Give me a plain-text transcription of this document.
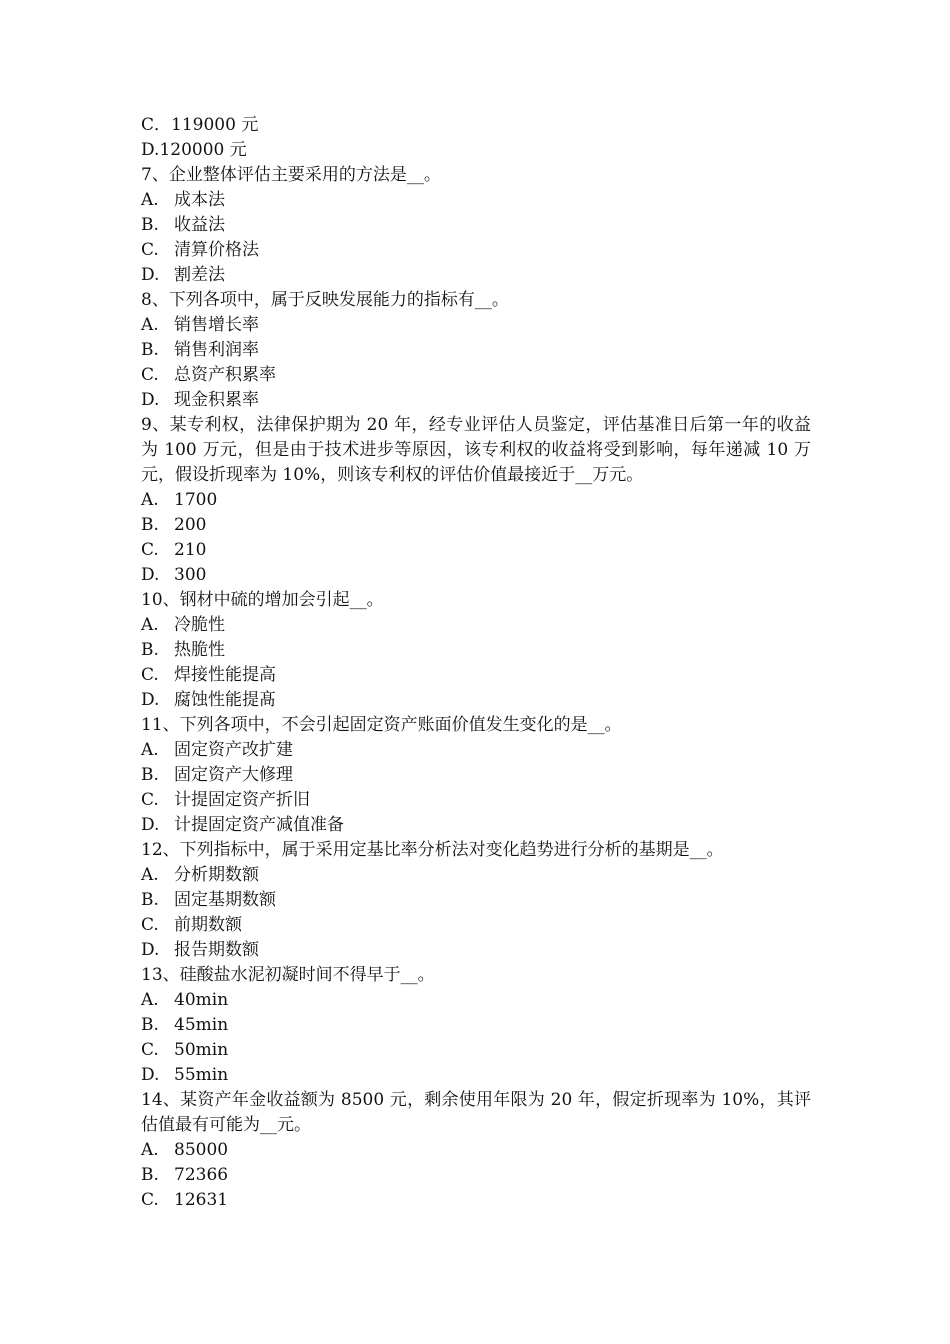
C．119000 元
D.120000 元
7、企业整体评估主要采用的方法是__。
A. 成本法
B. 收益法
C. 清算价格法
D. 割差法
8、下列各项中，属于反映发展能力的指标有__。
A. 销售增长率
B. 销售利润率
C. 总资产积累率
D. 现金积累率
9、某专利权，法律保护期为 20 年，经专业评估人员鉴定，评估基准日后第一年的收益为 100 万元，但是由于技术进步等原因，该专利权的收益将受到影响，每年递减 10 万元，假设折现率为 10%，则该专利权的评估价值最接近于__万元。
A. 1700
B. 200
C. 210
D. 300
10、钢材中硫的增加会引起__。
A. 冷脆性
B. 热脆性
C. 焊接性能提高
D. 腐蚀性能提髙
11、下列各项中，不会引起固定资产账面价值发生变化的是__。
A. 固定资产改扩建
B. 固定资产大修理
C. 计提固定资产折旧
D. 计提固定资产减值准备
12、下列指标中，属于采用定基比率分析法对变化趋势进行分析的基期是__。
A. 分析期数额
B. 固定基期数额
C. 前期数额
D. 报告期数额
13、硅酸盐水泥初凝时间不得早于__。
A. 40min
B. 45min
C. 50min
D. 55min
14、某资产年金收益额为 8500 元，剩余使用年限为 20 年，假定折现率为 10%，其评估值最有可能为__元。
A. 85000
B. 72366
C. 12631
